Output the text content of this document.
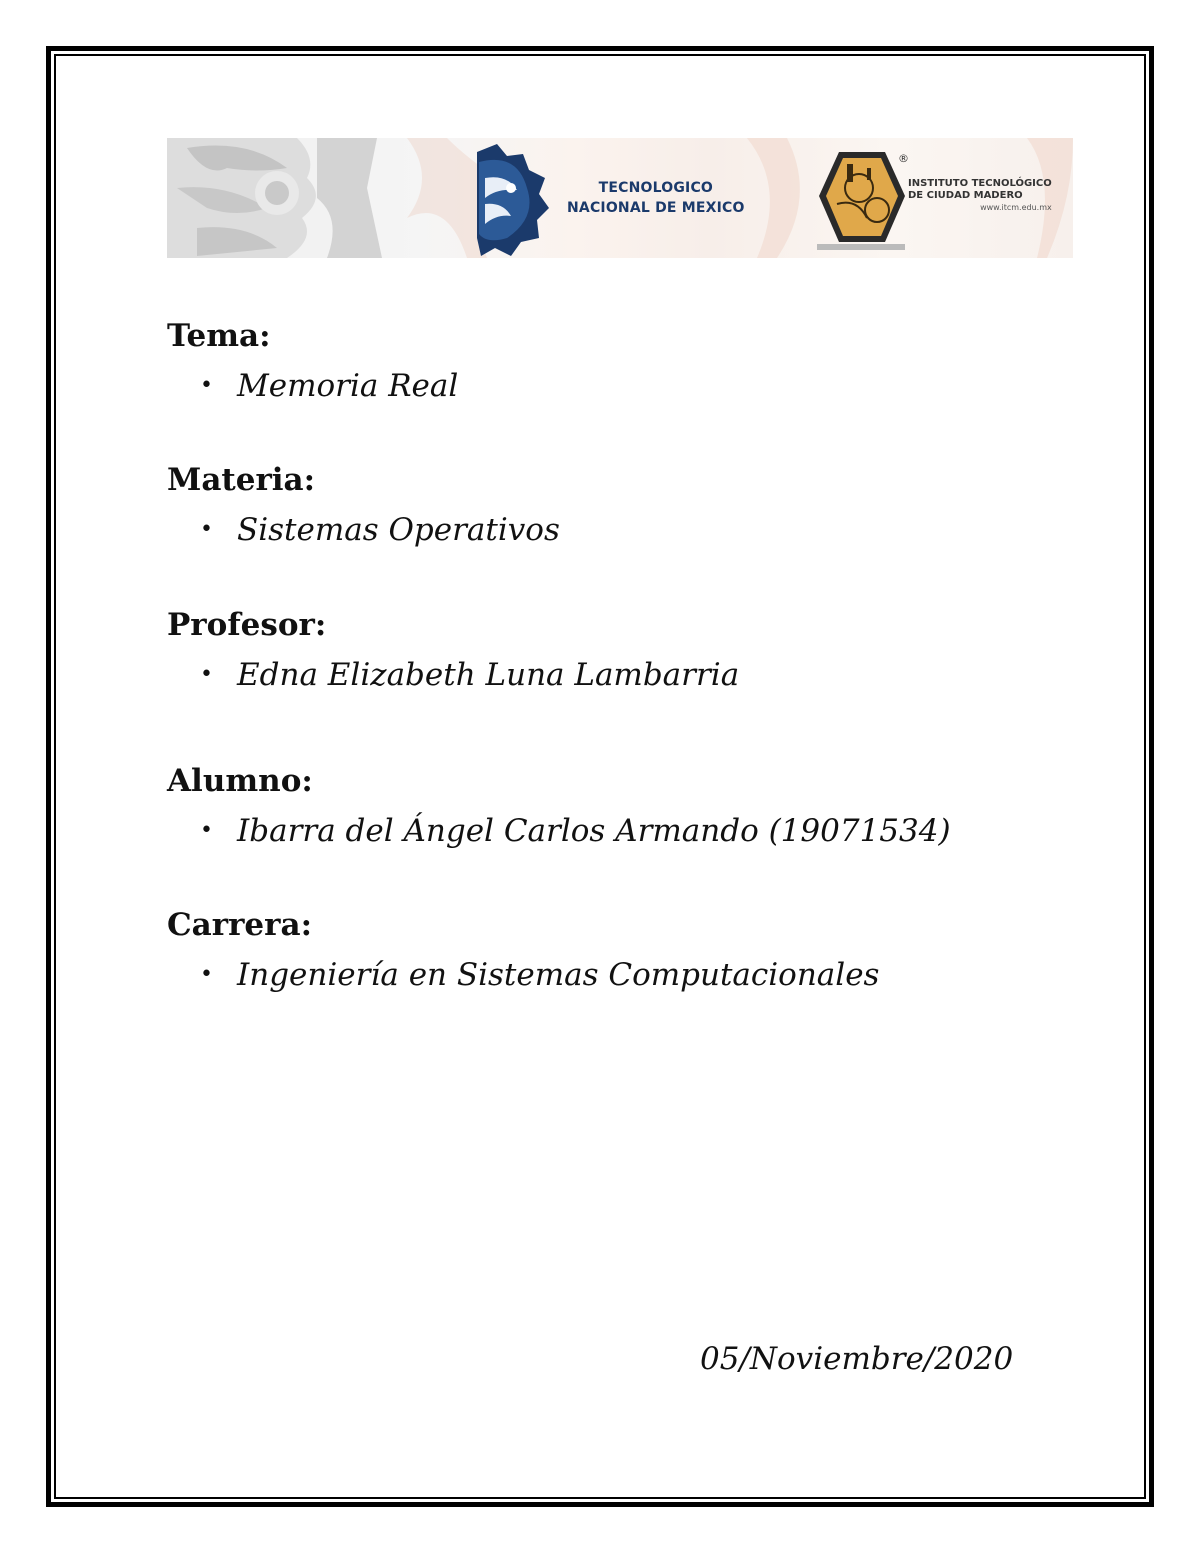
TECNOLOGICO
NACIONAL DE MEXICO
®
INSTITUTO TECNOLÓGICO
DE CIUDAD MADERO
www.itcm.edu.mx

Tema:

• Memoria Real

Materia:

• Sistemas Operativos

Profesor:

• Edna Elizabeth Luna Lambarria

Alumno:

• Ibarra del Ángel Carlos Armando (19071534)

Carrera:

• Ingeniería en Sistemas Computacionales

05/Noviembre/2020
